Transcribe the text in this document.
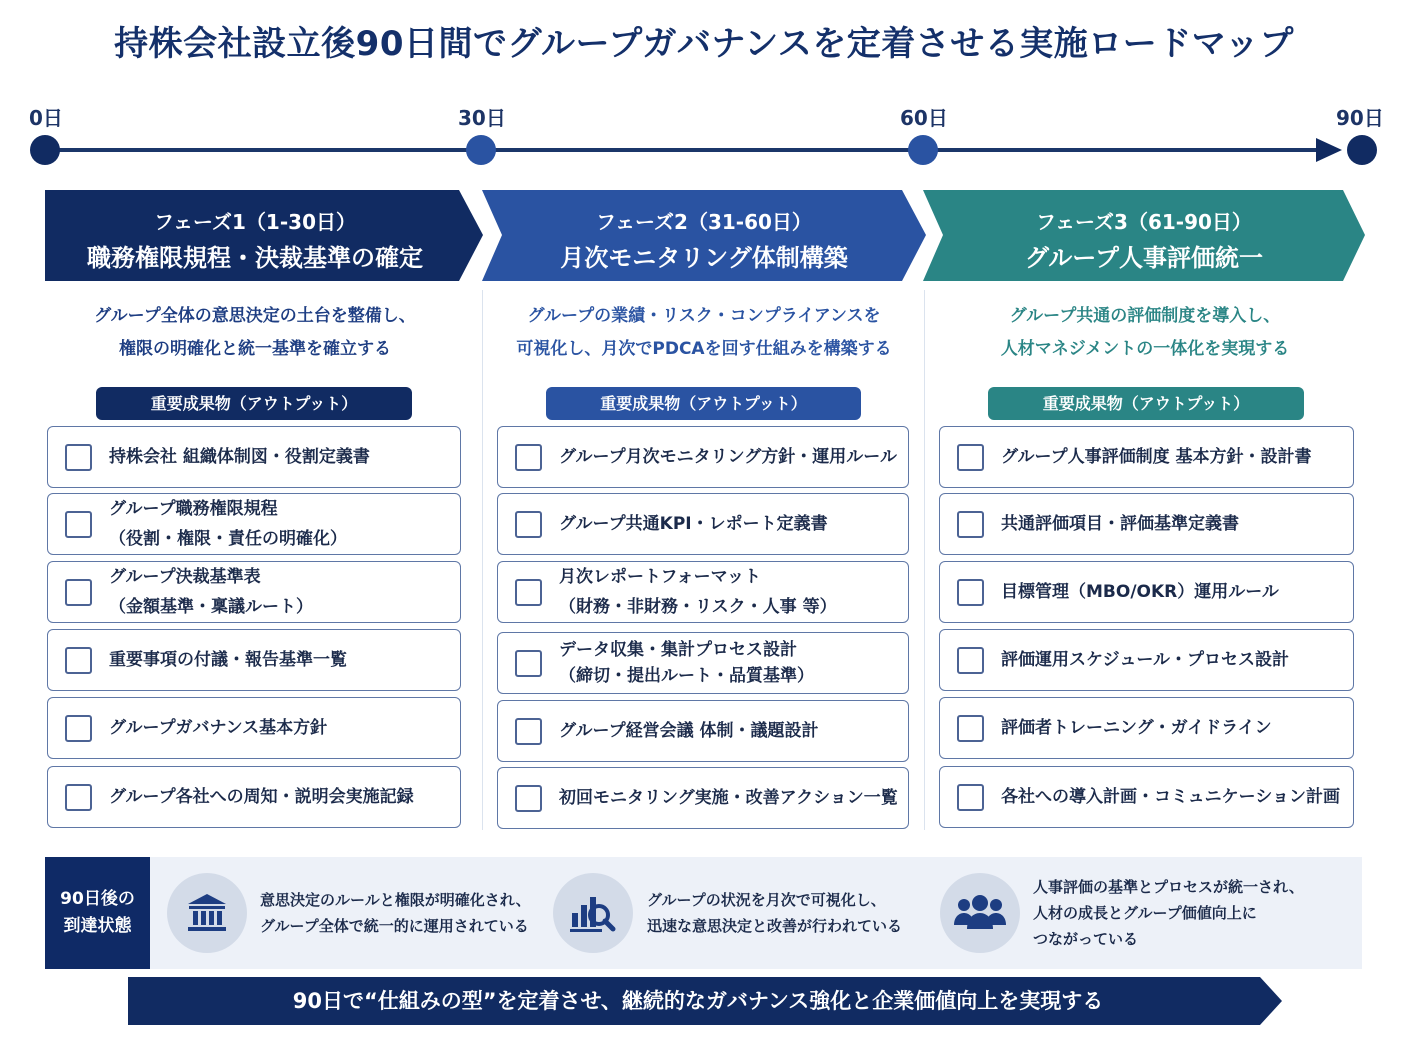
持株会社設立後90日間でグループガバナンスを定着させる実施ロードマップ
0日	30日	60日	90日
フェーズ1（1-30日）
職務権限規程・決裁基準の確定
フェーズ2（31-60日）
月次モニタリング体制構築
フェーズ3（61-90日）
グループ人事評価統一
グループ全体の意思決定の土台を整備し、
権限の明確化と統一基準を確立する
グループの業績・リスク・コンプライアンスを
可視化し、月次でPDCAを回す仕組みを構築する
グループ共通の評価制度を導入し、
人材マネジメントの一体化を実現する
重要成果物（アウトプット）	重要成果物（アウトプット）	重要成果物（アウトプット）
持株会社 組織体制図・役割定義書
グループ職務権限規程
（役割・権限・責任の明確化）
グループ決裁基準表
（金額基準・稟議ルート）
重要事項の付議・報告基準一覧
グループガバナンス基本方針
グループ各社への周知・説明会実施記録
グループ月次モニタリング方針・運用ルール
グループ共通KPI・レポート定義書
月次レポートフォーマット
（財務・非財務・リスク・人事 等）
データ収集・集計プロセス設計
（締切・提出ルート・品質基準）
グループ経営会議 体制・議題設計
初回モニタリング実施・改善アクション一覧
グループ人事評価制度 基本方針・設計書
共通評価項目・評価基準定義書
目標管理（MBO/OKR）運用ルール
評価運用スケジュール・プロセス設計
評価者トレーニング・ガイドライン
各社への導入計画・コミュニケーション計画
90日後の
到達状態
意思決定のルールと権限が明確化され、
グループ全体で統一的に運用されている
グループの状況を月次で可視化し、
迅速な意思決定と改善が行われている
人事評価の基準とプロセスが統一され、
人材の成長とグループ価値向上に
つながっている
90日で“仕組みの型”を定着させ、継続的なガバナンス強化と企業価値向上を実現する
